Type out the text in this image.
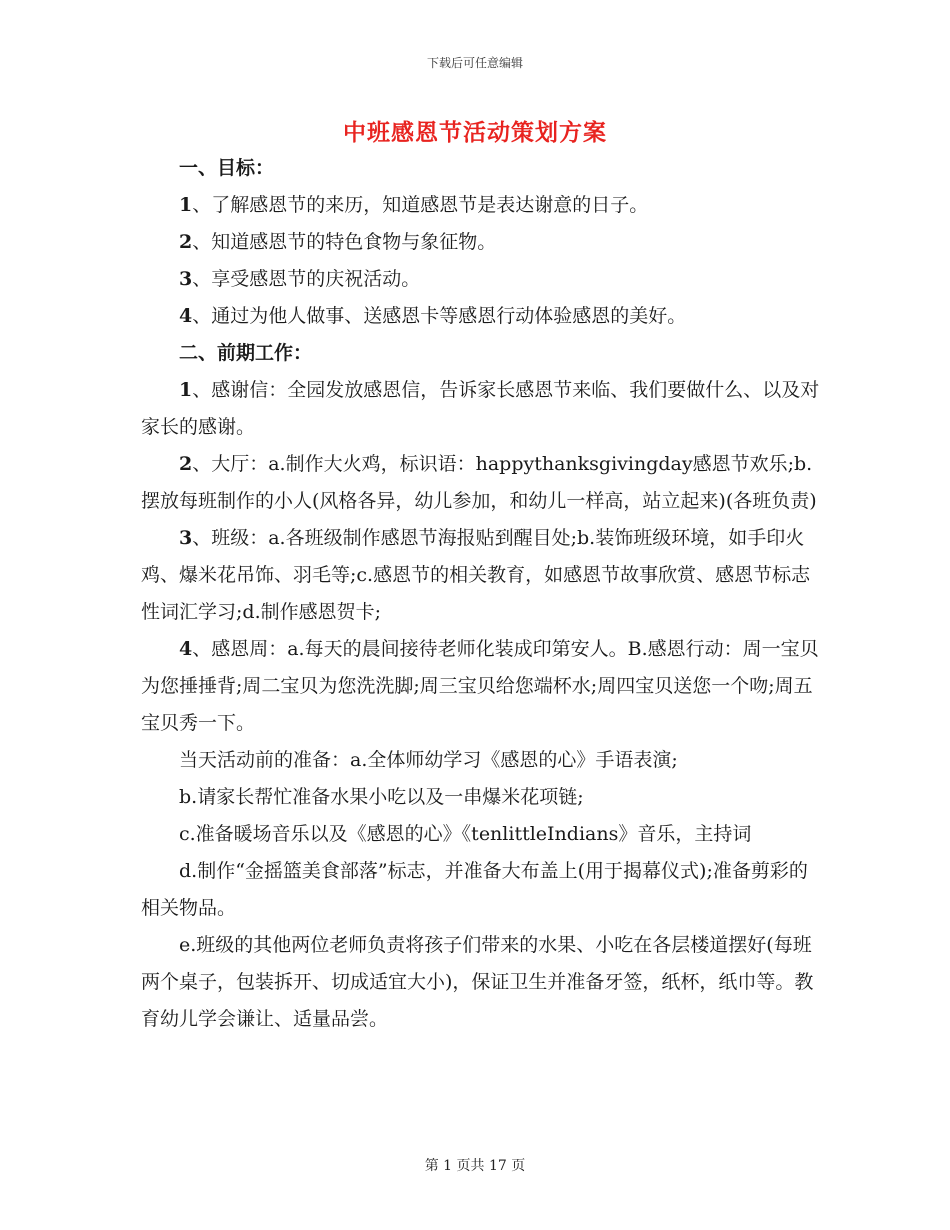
下载后可任意编辑
中班感恩节活动策划方案

一、目标：

1、了解感恩节的来历，知道感恩节是表达谢意的日子。

2、知道感恩节的特色食物与象征物。

3、享受感恩节的庆祝活动。

4、通过为他人做事、送感恩卡等感恩行动体验感恩的美好。

二、前期工作：

1、感谢信：全园发放感恩信，告诉家长感恩节来临、我们要做什么、以及对家长的感谢。

2、大厅：a.制作大火鸡，标识语：happythanksgivingday感恩节欢乐;b.摆放每班制作的小人(风格各异，幼儿参加，和幼儿一样高，站立起来)(各班负责)

3、班级：a.各班级制作感恩节海报贴到醒目处;b.装饰班级环境，如手印火鸡、爆米花吊饰、羽毛等;c.感恩节的相关教育，如感恩节故事欣赏、感恩节标志性词汇学习;d.制作感恩贺卡;

4、感恩周：a.每天的晨间接待老师化装成印第安人。B.感恩行动：周一宝贝为您捶捶背;周二宝贝为您洗洗脚;周三宝贝给您端杯水;周四宝贝送您一个吻;周五宝贝秀一下。

当天活动前的准备：a.全体师幼学习《感恩的心》手语表演;

b.请家长帮忙准备水果小吃以及一串爆米花项链;

c.准备暖场音乐以及《感恩的心》《tenlittleIndians》音乐，主持词

d.制作“金摇篮美食部落”标志，并准备大布盖上(用于揭幕仪式);准备剪彩的相关物品。

e.班级的其他两位老师负责将孩子们带来的水果、小吃在各层楼道摆好(每班两个桌子，包装拆开、切成适宜大小)，保证卫生并准备牙签，纸杯，纸巾等。教育幼儿学会谦让、适量品尝。

第 1 页共 17 页
